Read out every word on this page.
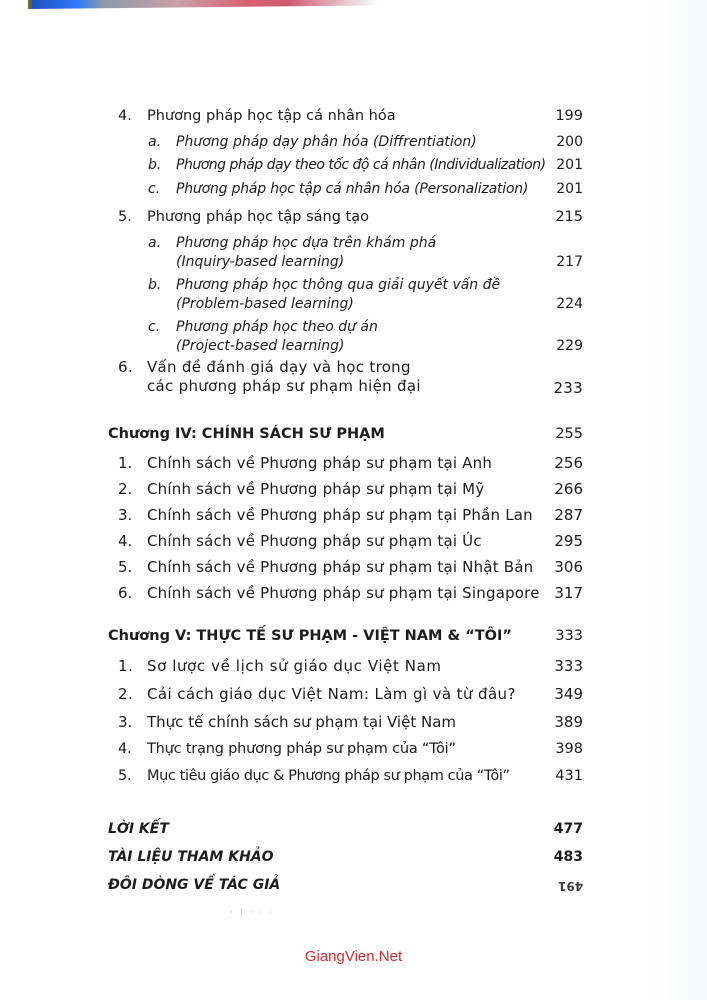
4. Phương pháp học tập cá nhân hóa	199
a. Phương pháp dạy phân hóa (Diffrentiation)	200
b. Phương pháp dạy theo tốc độ cá nhân (Individualization) 201
c. Phương pháp học tập cá nhân hóa (Personalization) 201
5. Phương pháp học tập sáng tạo	215
a. Phương pháp học dựa trên khám phá
(Inquiry-based learning)	217
b. Phương pháp học thông qua giải quyết vấn đề
(Problem-based learning)	224
c. Phương pháp học theo dự án
(Project-based learning)	229
6. Vấn đề đánh giá dạy và học trong
các phương pháp sư phạm hiện đại	233
Chương IV: CHÍNH SÁCH SƯ PHẠM	255
1. Chính sách về Phương pháp sư phạm tại Anh	256
2. Chính sách về Phương pháp sư phạm tại Mỹ	266
3. Chính sách về Phương pháp sư phạm tại Phần Lan 287
4. Chính sách về Phương pháp sư phạm tại Úc	295
5. Chính sách về Phương pháp sư phạm tại Nhật Bản 306
6. Chính sách về Phương pháp sư phạm tại Singapore 317
Chương V: THỰC TẾ SƯ PHẠM - VIỆT NAM & “TÔI”	333
1. Sơ lược về lịch sử giáo dục Việt Nam	333
2. Cải cách giáo dục Việt Nam: Làm gì và từ đâu?	349
3. Thực tế chính sách sư phạm tại Việt Nam	389
4. Thực trạng phương pháp sư phạm của “Tôi”	398
5. Mục tiêu giáo dục & Phương pháp sư phạm của “Tôi”	431
LỜI KẾT	477
TÀI LIỆU THAM KHẢO	483
ĐÔI DÒNG VỀ TÁC GIẢ	491
· | · · ·
GiangVien.Net
